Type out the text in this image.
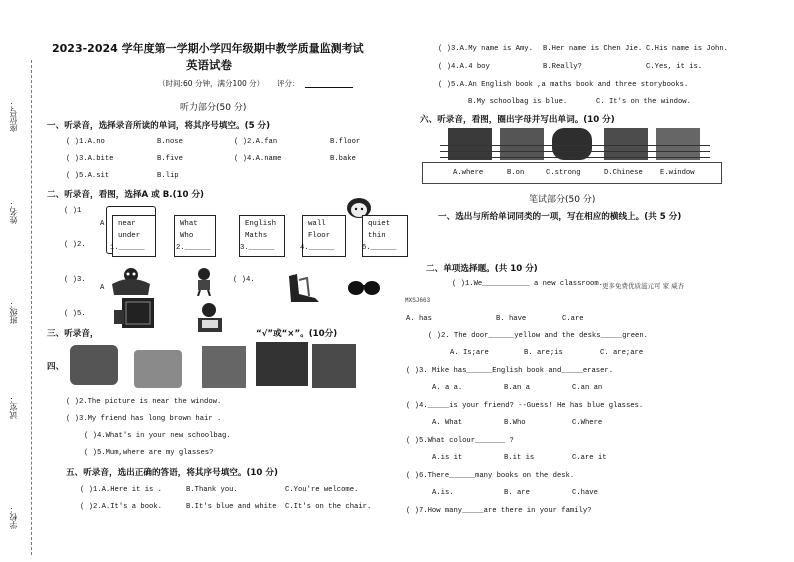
座位号：
姓名：
班级：
试室：
学校：
2023-2024 学年度第一学期小学四年级期中教学质量监测考试
英语试卷
（时间:60 分钟，满分100 分） 评分：
听力部分(50 分)
一、听录音，选择录音所读的单词，将其序号填空。(5 分)
( )1.A.no	B.nose	( )2.A.fan	B.floor
( )3.A.bite	B.five	( )4.A.name	B.bake
( )5.A.sit	B.lip
二、听录音，看图，选择A 或 B.(10 分)
( )1
A
( )2.
near
under
1.______
What
Who
2.______
English
Maths
3.______
wall
Floor
4.______
quiet
thin
5.______
( )3.
A
( )4.
( )5.
三、听录音，	“√”或“×”。(10分)
四、
( )2.The picture is near the window.
( )3.My friend has long brown hair .
( )4.What's in your new schoolbag.
( )5.Mum,where are my glasses?
五、听录音，选出正确的答语，将其序号填空。(10 分)
( )1.A.Here it is .	B.Thank you.	C.You're welcome.
( )2.A.It's a book.	B.It's blue and white C.It's on the chair.
( )3.A.My name is Amy. B.Her name is Chen Jie. C.His name is John.
( )4.A.4 boy	B.Really?	C.Yes, it is.
( )5.A.An English book ,a maths book and three storybooks.
B.My schoolbag is blue.	C. It's on the window.
六、听录音，看图，圈出字母并写出单词。(10 分)
A.where	B.on	C.strong	D.Chinese E.window
笔试部分(50 分)
一、选出与所给单词同类的一项，写在相应的横线上。(共 5 分)
二、单项选择题。(共 10 分)
( )1.We___________ a new classroom. 更多免费优质滋元可 家 威杏
MXSJ663
A. has	B. have	C.are
( )2. The door______yellow and the desks_____green.
A. Is;are	B. are;is	C. are;are
( )3. Mike has______English book and_____eraser.
A. a a.	B.an a	C.an an
( )4._____is your friend? --Guess! He has blue glasses.
A. What	B.Who	C.Where
( )5.What colour_______ ?
A.is it	B.it is	C.are it
( )6.There______many books on the desk.
A.is.	B. are	C.have
( )7.How many_____are there in your family?
